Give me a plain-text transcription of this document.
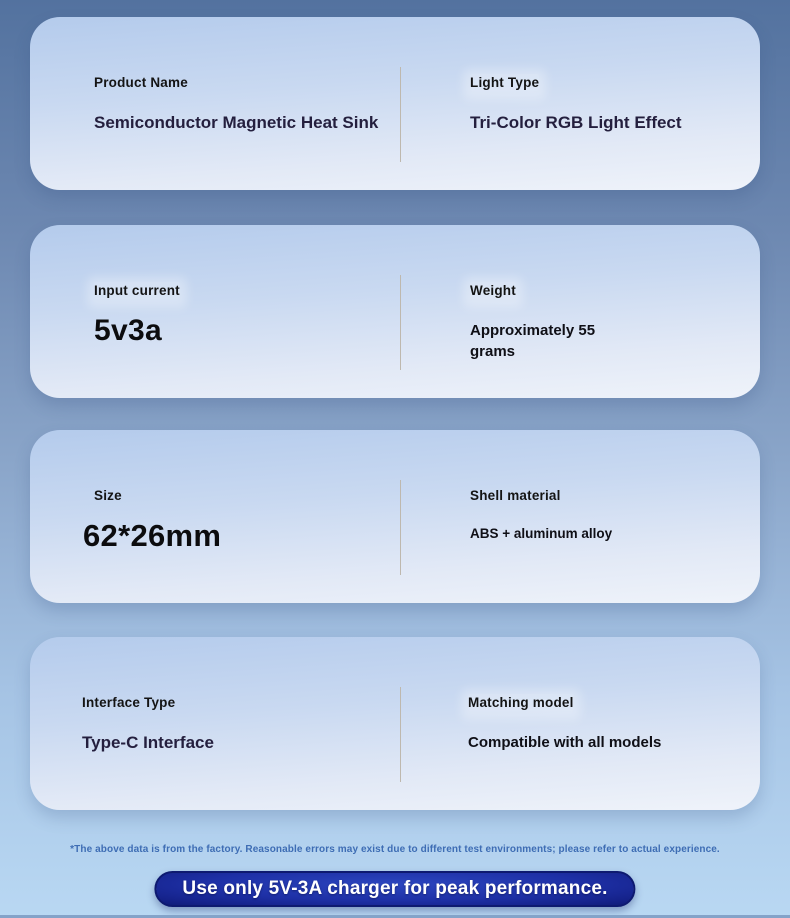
Product Name
Semiconductor Magnetic Heat Sink
Light Type
Tri-Color RGB Light Effect
Input current
5v3a
Weight
Approximately 55 grams
Size
62*26mm
Shell material
ABS + aluminum alloy
Interface Type
Type-C Interface
Matching model
Compatible with all models
*The above data is from the factory. Reasonable errors may exist due to different test environments; please refer to actual experience.
Use only 5V-3A charger for peak performance.
